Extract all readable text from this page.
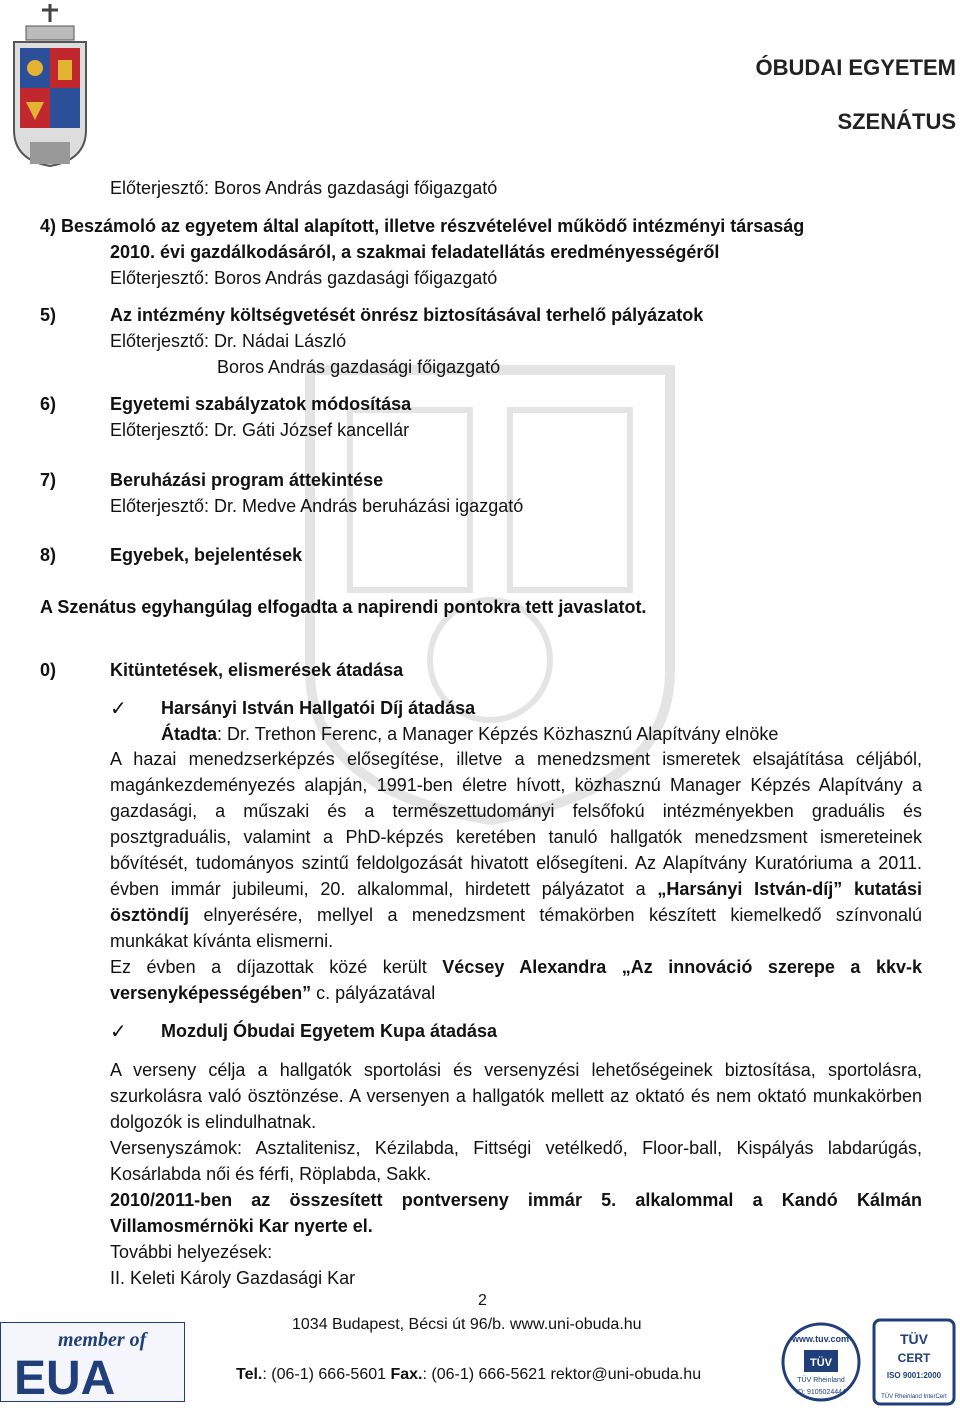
ÓBUDAI EGYETEM
SZENÁTUS
Előterjesztő: Boros András gazdasági főigazgató
4) Beszámoló az egyetem által alapított, illetve részvételével működő intézményi társaság
2010. évi gazdálkodásáról, a szakmai feladatellátás eredményességéről
Előterjesztő: Boros András gazdasági főigazgató
5)	Az intézmény költségvetését önrész biztosításával terhelő pályázatok
Előterjesztő: Dr. Nádai László
Boros András gazdasági főigazgató
6)	Egyetemi szabályzatok módosítása
Előterjesztő: Dr. Gáti József kancellár
7)	Beruházási program áttekintése
Előterjesztő: Dr. Medve András beruházási igazgató
8)	Egyebek, bejelentések
A Szenátus egyhangúlag elfogadta a napirendi pontokra tett javaslatot.
0)	Kitüntetések, elismerések átadása
✓ Harsányi István Hallgatói Díj átadása
Átadta: Dr. Trethon Ferenc, a Manager Képzés Közhasznú Alapítvány elnöke
A hazai menedzserképzés elősegítése, illetve a menedzsment ismeretek elsajátítása céljából, magánkezdeményezés alapján, 1991-ben életre hívott, közhasznú Manager Képzés Alapítvány a gazdasági, a műszaki és a természettudományi felsőfokú intézményekben graduális és posztgraduális, valamint a PhD-képzés keretében tanuló hallgatók menedzsment ismereteinek bővítését, tudományos szintű feldolgozását hivatott elősegíteni. Az Alapítvány Kuratóriuma a 2011. évben immár jubileumi, 20. alkalommal, hirdetett pályázatot a „Harsányi István-díj” kutatási ösztöndíj elnyerésére, mellyel a menedzsment témakörben készített kiemelkedő színvonalú munkákat kívánta elismerni.
Ez évben a díjazottak közé került Vécsey Alexandra „Az innováció szerepe a kkv-k versenyképességében” c. pályázatával
✓ Mozdulj Óbudai Egyetem Kupa átadása
A verseny célja a hallgatók sportolási és versenyzési lehetőségeinek biztosítása, sportolásra, szurkolásra való ösztönzése. A versenyen a hallgatók mellett az oktató és nem oktató munkakörben dolgozók is elindulhatnak.
Versenyszámok: Asztalitenisz, Kézilabda, Fittségi vetélkedő, Floor-ball, Kispályás labdarúgás, Kosárlabda női és férfi, Röplabda, Sakk.
2010/2011-ben az összesített pontverseny immár 5. alkalommal a Kandó Kálmán Villamosmérnöki Kar nyerte el.
További helyezések:
II. Keleti Károly Gazdasági Kar
2
1034 Budapest, Bécsi út 96/b. www.uni-obuda.hu
Tel.: (06-1) 666-5601 Fax.: (06-1) 666-5621 rektor@uni-obuda.hu
member of
EUA
www.tuv.com
TÜV
TÜV Rheinland
ID: 9105024444
TÜV
CERT
ISO 9001:2000
TÜV Rheinland InterCert
